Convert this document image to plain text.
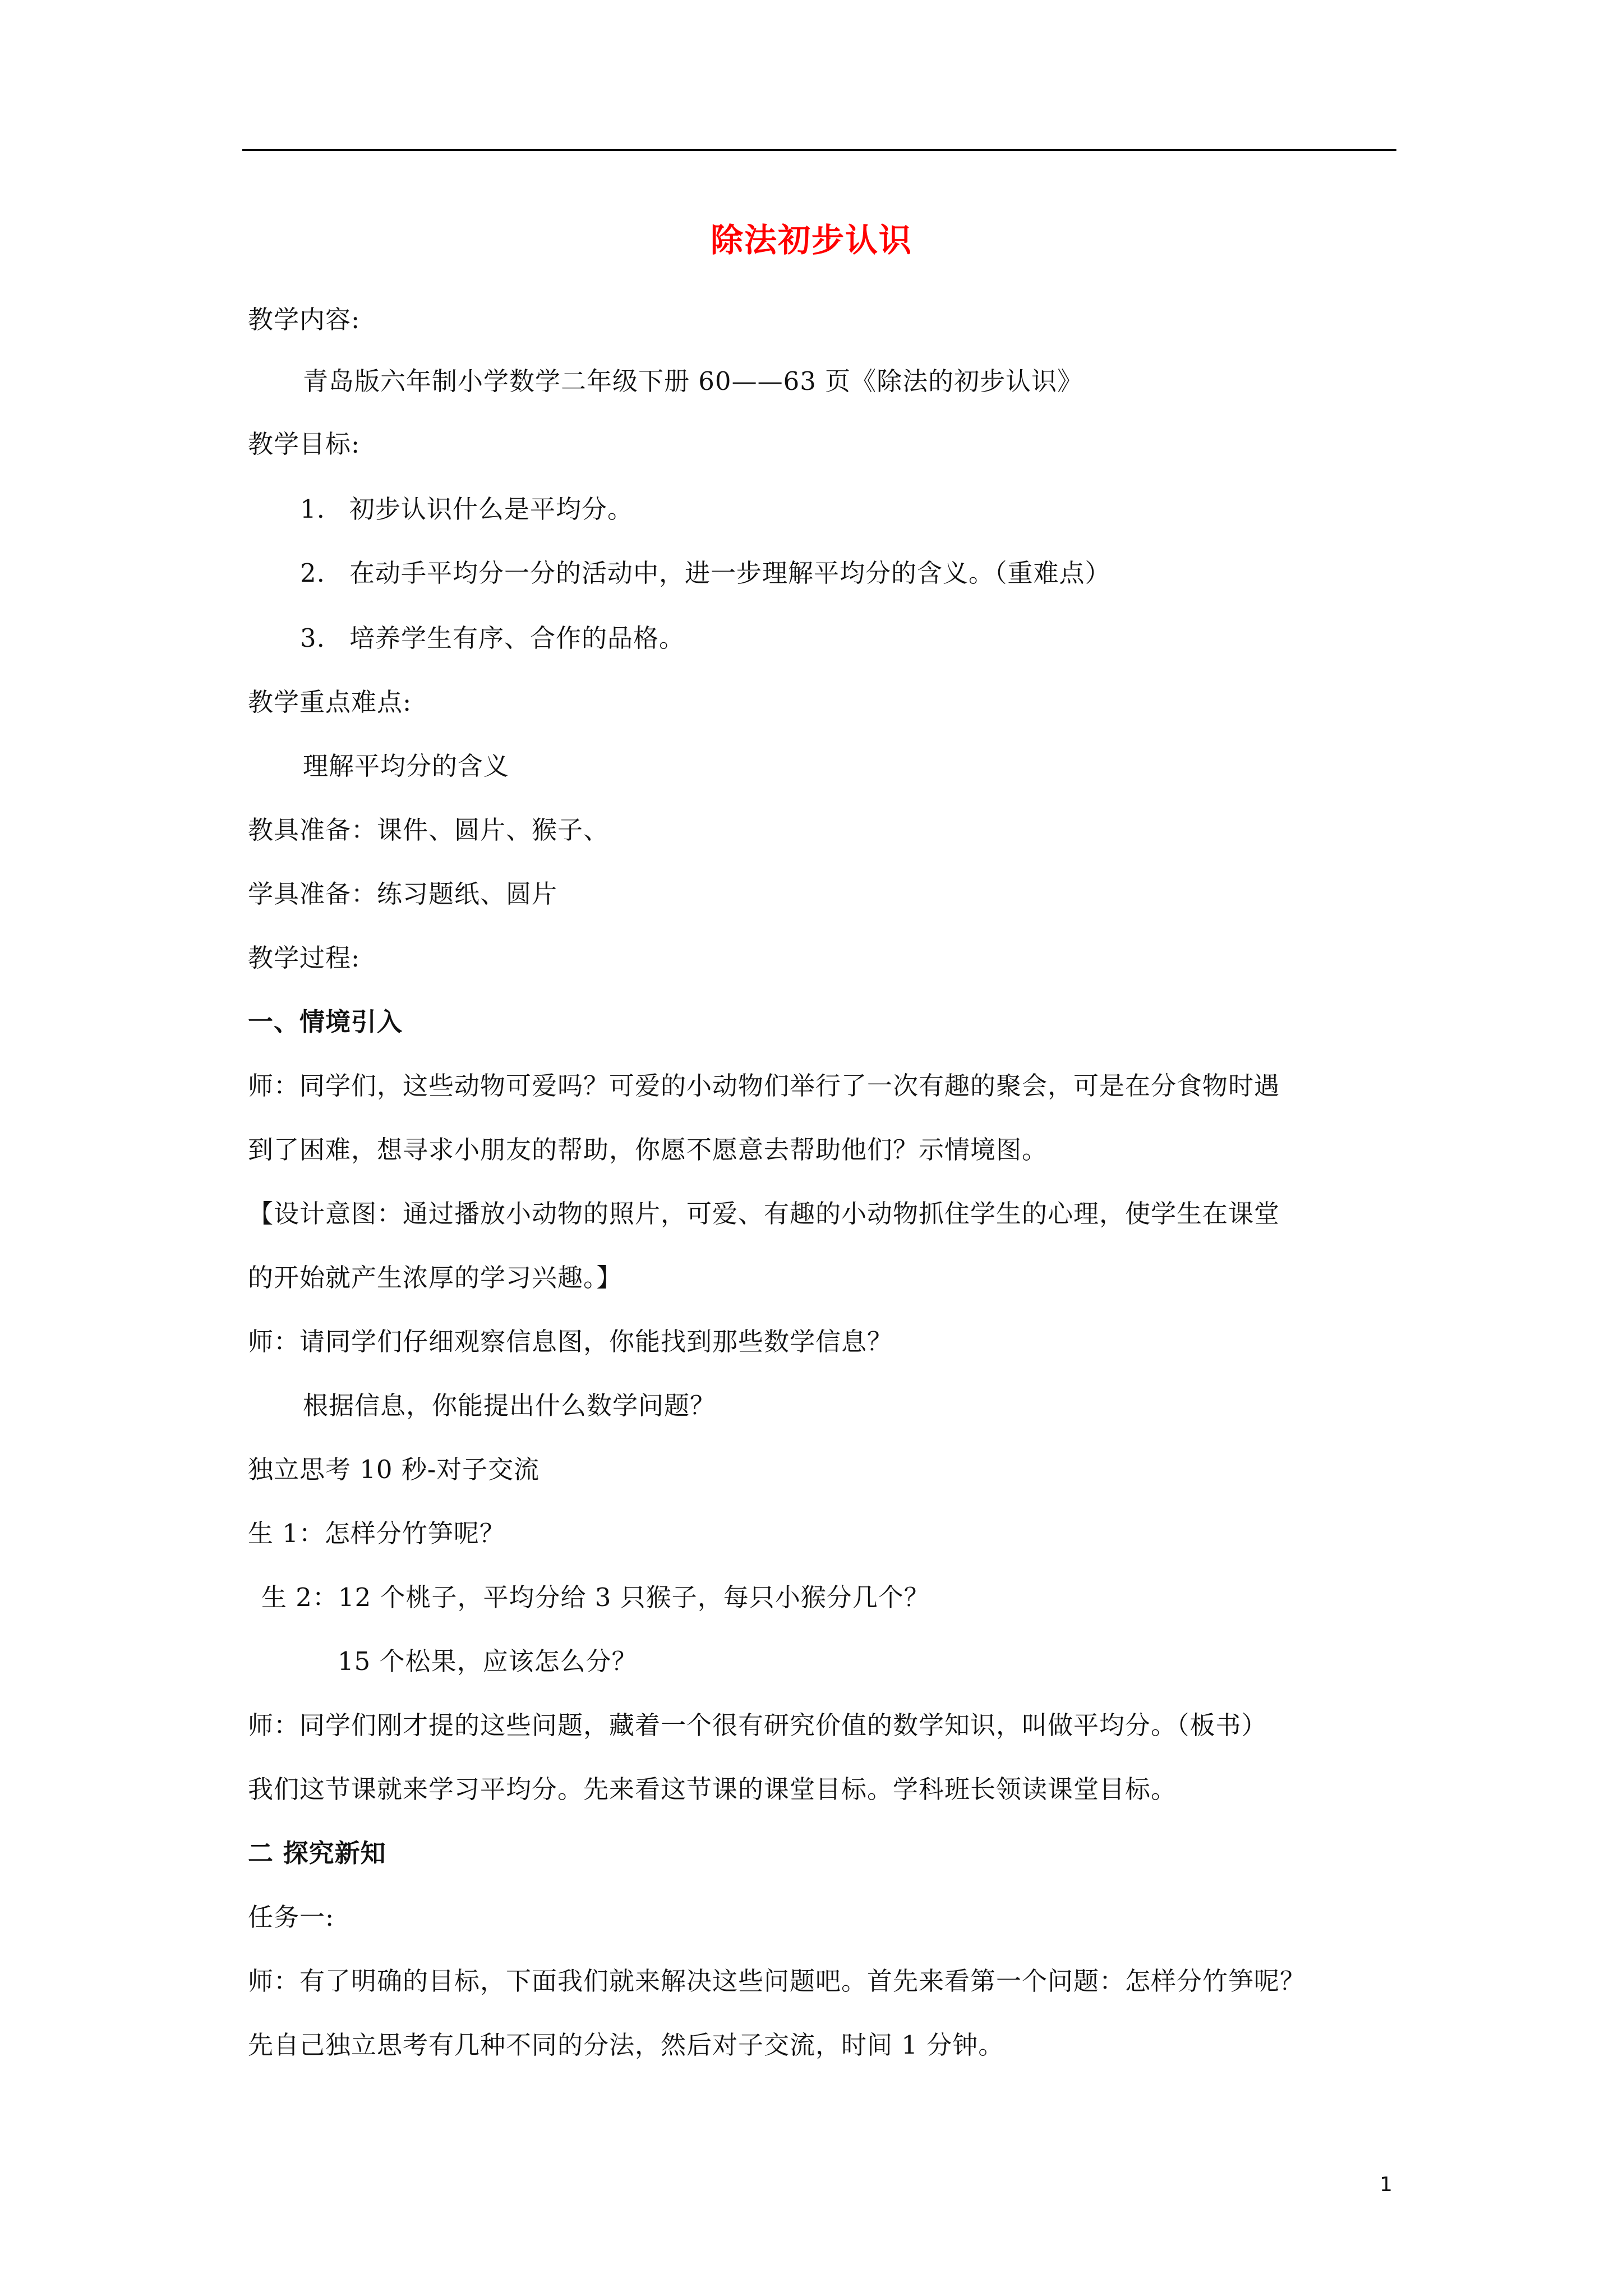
除法初步认识
教学内容:
青岛版六年制小学数学二年级下册 60——63 页《除法的初步认识》
教学目标:
1. 初步认识什么是平均分。
2. 在动手平均分一分的活动中，进一步理解平均分的含义。（重难点）
3. 培养学生有序、合作的品格。
教学重点难点:
理解平均分的含义
教具准备：课件、圆片、猴子、
学具准备：练习题纸、圆片
教学过程:
一、情境引入
师：同学们，这些动物可爱吗？可爱的小动物们举行了一次有趣的聚会，可是在分食物时遇
到了困难，想寻求小朋友的帮助，你愿不愿意去帮助他们？示情境图。
【设计意图：通过播放小动物的照片，可爱、有趣的小动物抓住学生的心理，使学生在课堂
的开始就产生浓厚的学习兴趣。】
师：请同学们仔细观察信息图，你能找到那些数学信息？
根据信息，你能提出什么数学问题？
独立思考 10 秒-对子交流
生 1：怎样分竹笋呢？
生 2：12 个桃子，平均分给 3 只猴子，每只小猴分几个？
15 个松果，应该怎么分？
师：同学们刚才提的这些问题，藏着一个很有研究价值的数学知识，叫做平均分。（板书）
我们这节课就来学习平均分。先来看这节课的课堂目标。学科班长领读课堂目标。
二 探究新知
任务一:
师：有了明确的目标，下面我们就来解决这些问题吧。首先来看第一个问题：怎样分竹笋呢？
先自己独立思考有几种不同的分法，然后对子交流，时间 1 分钟。
1
